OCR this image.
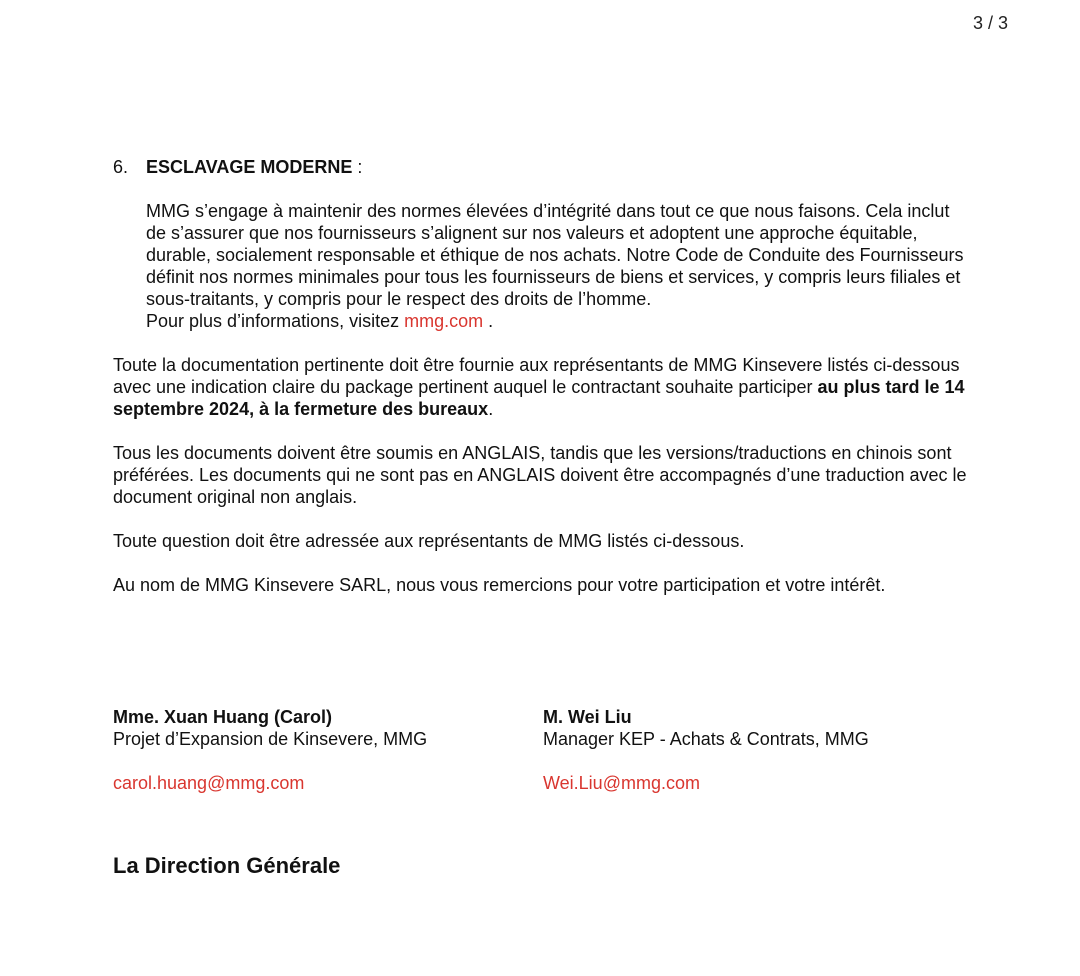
3 / 3
6. ESCLAVAGE MODERNE :
MMG s’engage à maintenir des normes élevées d’intégrité dans tout ce que nous faisons. Cela inclut de s’assurer que nos fournisseurs s’alignent sur nos valeurs et adoptent une approche équitable, durable, socialement responsable et éthique de nos achats. Notre Code de Conduite des Fournisseurs définit nos normes minimales pour tous les fournisseurs de biens et services, y compris leurs filiales et sous-traitants, y compris pour le respect des droits de l’homme.
Pour plus d’informations, visitez mmg.com .

Toute la documentation pertinente doit être fournie aux représentants de MMG Kinsevere listés ci-dessous avec une indication claire du package pertinent auquel le contractant souhaite participer au plus tard le 14 septembre 2024, à la fermeture des bureaux.

Tous les documents doivent être soumis en ANGLAIS, tandis que les versions/traductions en chinois sont préférées. Les documents qui ne sont pas en ANGLAIS doivent être accompagnés d’une traduction avec le document original non anglais.

Toute question doit être adressée aux représentants de MMG listés ci-dessous.

Au nom de MMG Kinsevere SARL, nous vous remercions pour votre participation et votre intérêt.

Mme. Xuan Huang (Carol)
Projet d’Expansion de Kinsevere, MMG
carol.huang@mmg.com
M. Wei Liu
Manager KEP - Achats & Contrats, MMG
Wei.Liu@mmg.com
La Direction Générale
